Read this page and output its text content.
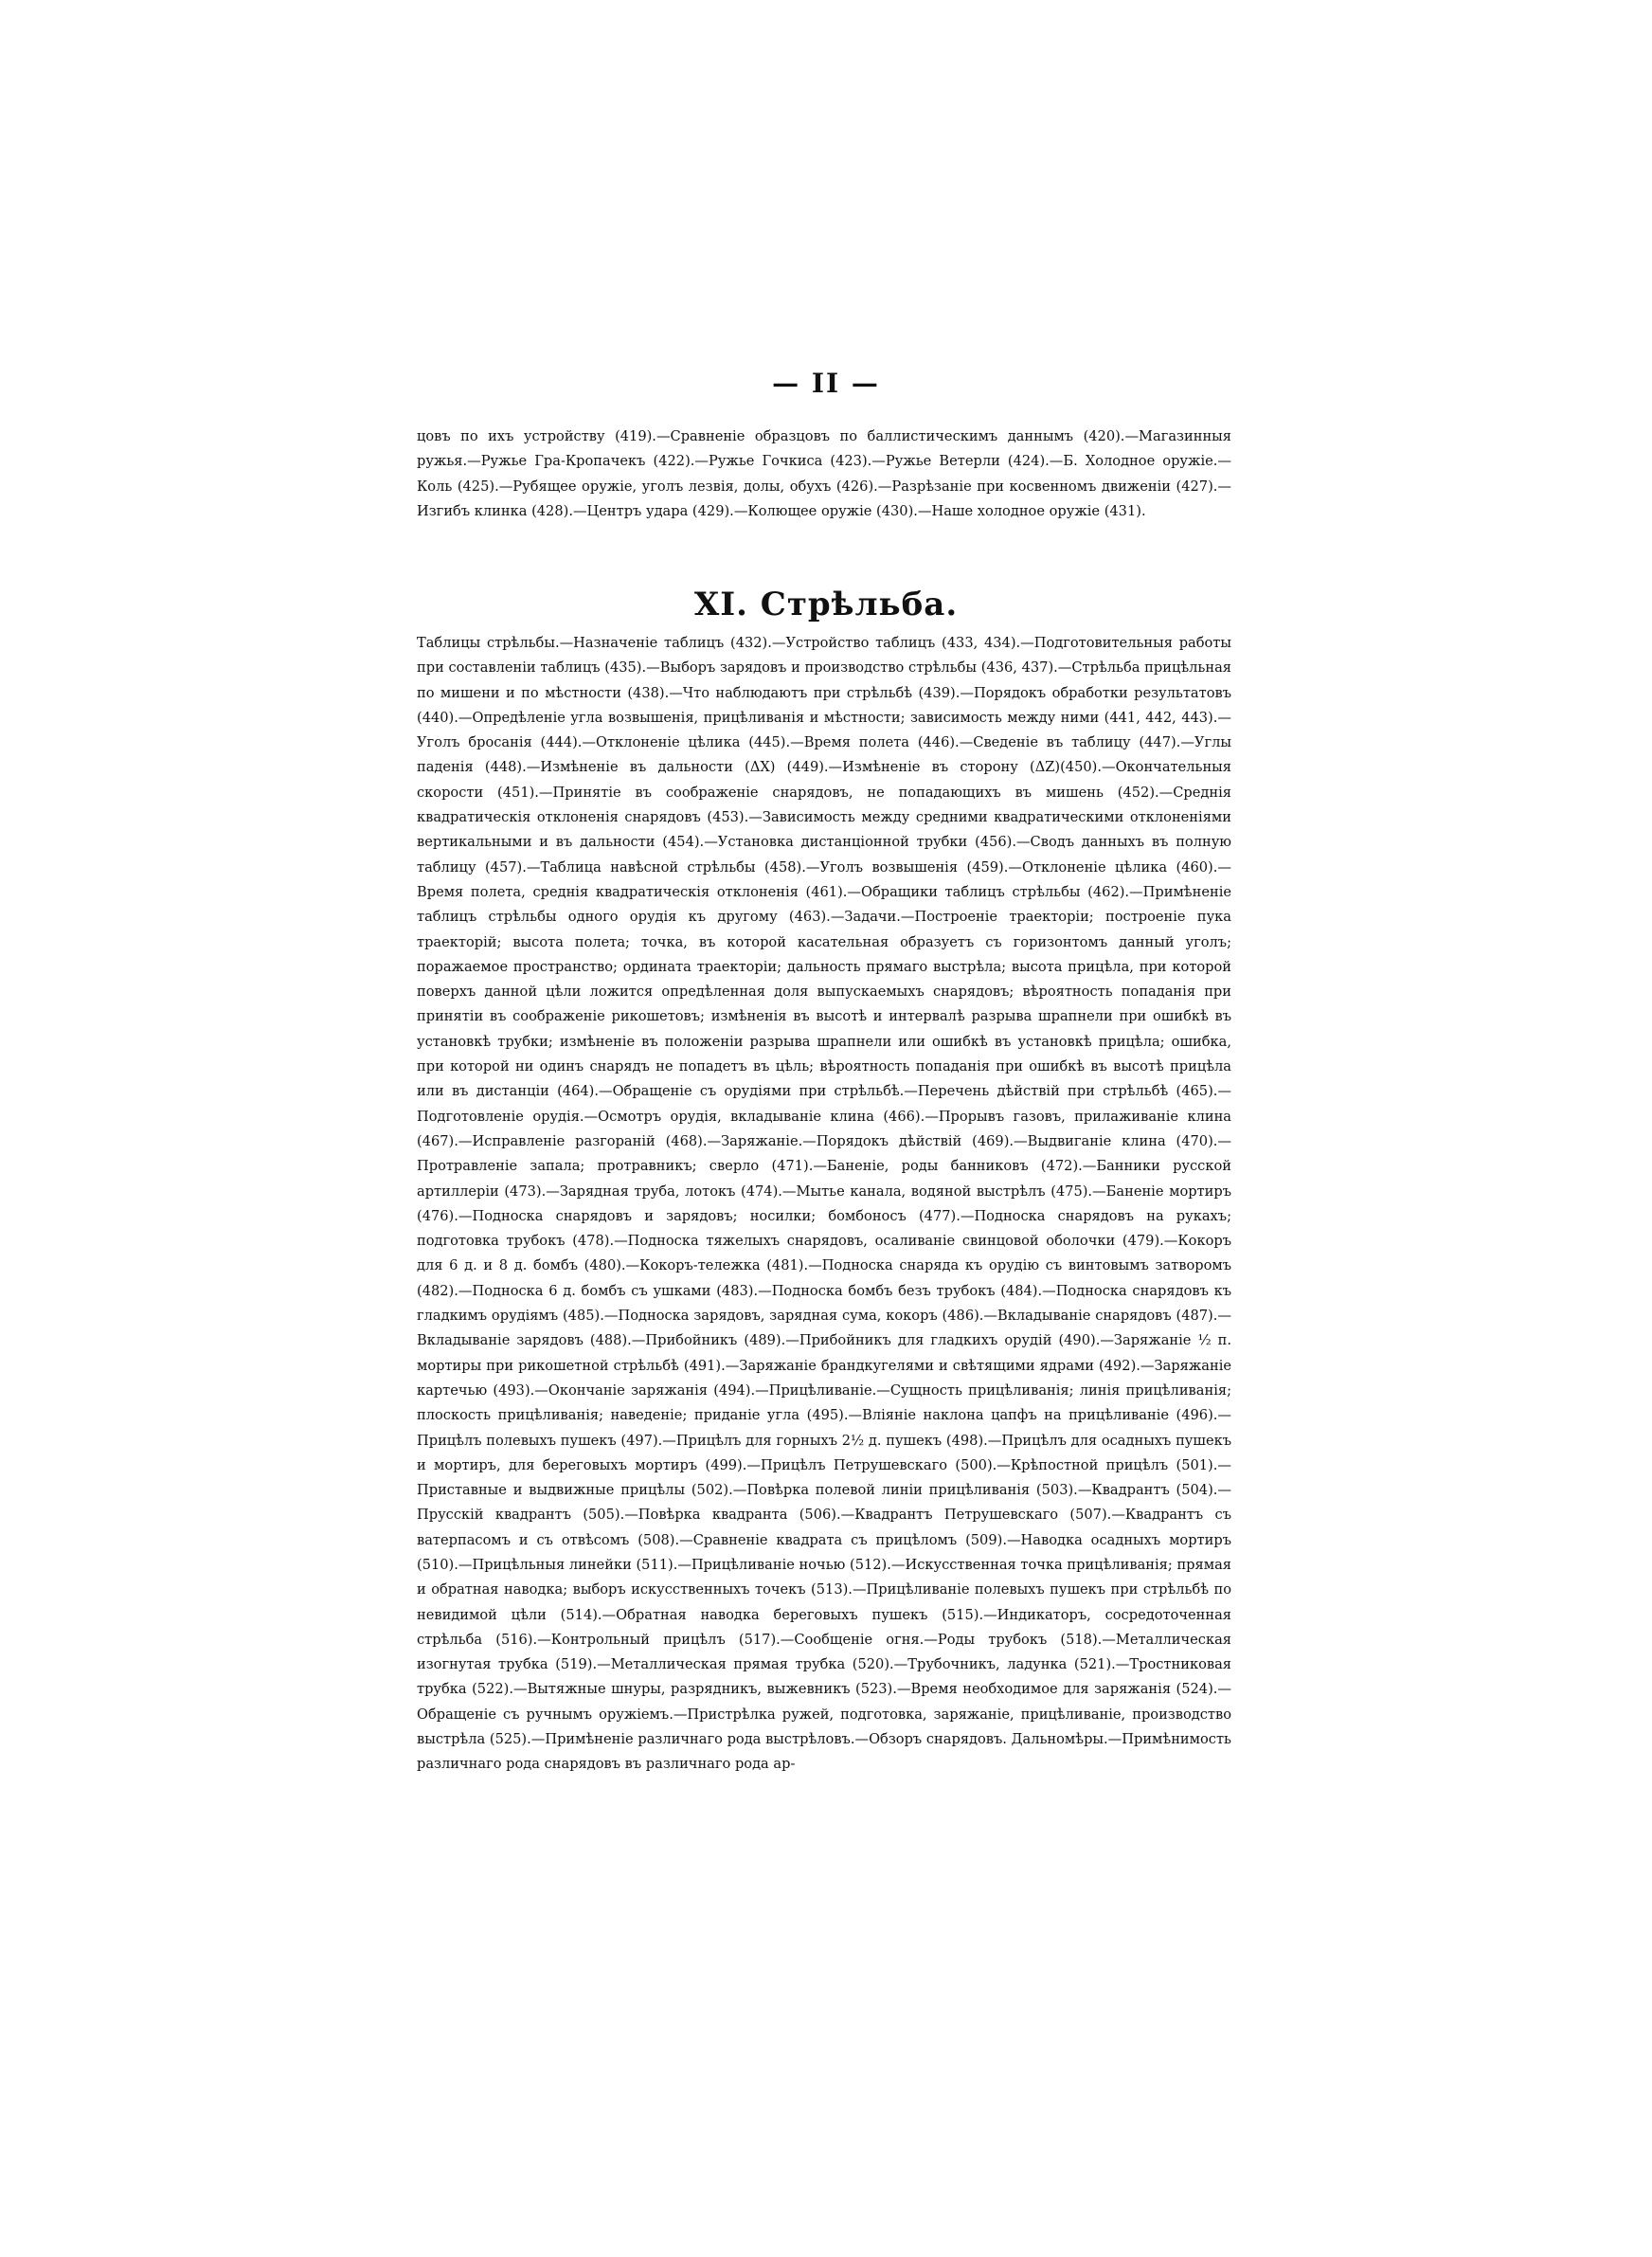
— II —

цовъ по ихъ устройству (419).—Сравненіе образцовъ по баллистическимъ даннымъ (420).—Магазинныя ружья.—Ружье Гра-Кропачекъ (422).—Ружье Гочкиса (423).—Ружье Ветерли (424).—Б. Холодное оружіе.—Коль (425).—Рубящее оружіе, уголъ лезвія, долы, обухъ (426).—Разрѣзаніе при косвенномъ движеніи (427).—Изгибъ клинка (428).—Центръ удара (429).—Колющее оружіе (430).—Наше холодное оружіе (431).

XI. Стрѣльба.

Таблицы стрѣльбы.—Назначеніе таблицъ (432).—Устройство таблицъ (433, 434).—Подготовительныя работы при составленіи таблицъ (435).—Выборъ зарядовъ и производство стрѣльбы (436, 437).—Стрѣльба прицѣльная по мишени и по мѣстности (438).—Что наблюдаютъ при стрѣльбѣ (439).—Порядокъ обработки результатовъ (440).—Опредѣленіе угла возвышенія, прицѣливанія и мѣстности; зависимость между ними (441, 442, 443).—Уголъ бросанія (444).—Отклоненіе цѣлика (445).—Время полета (446).—Сведеніе въ таблицу (447).—Углы паденія (448).—Измѣненіе въ дальности (ΔX) (449).—Измѣненіе въ сторону (ΔZ)(450).—Окончательныя скорости (451).—Принятіе въ соображеніе снарядовъ, не попадающихъ въ мишень (452).—Среднія квадратическія отклоненія снарядовъ (453).—Зависимость между средними квадратическими отклоненіями вертикальными и въ дальности (454).—Установка дистанціонной трубки (456).—Сводъ данныхъ въ полную таблицу (457).—Таблица навѣсной стрѣльбы (458).—Уголъ возвышенія (459).—Отклоненіе цѣлика (460).—Время полета, среднія квадратическія отклоненія (461).—Обращики таблицъ стрѣльбы (462).—Примѣненіе таблицъ стрѣльбы одного орудія къ другому (463).—Задачи.—Построеніе траекторіи; построеніе пука траекторій; высота полета; точка, въ которой касательная образуетъ съ горизонтомъ данный уголъ; поражаемое пространство; ордината траекторіи; дальность прямаго выстрѣла; высота прицѣла, при которой поверхъ данной цѣли ложится опредѣленная доля выпускаемыхъ снарядовъ; вѣроятность попаданія при принятіи въ соображеніе рикошетовъ; измѣненія въ высотѣ и интервалѣ разрыва шрапнели при ошибкѣ въ установкѣ трубки; измѣненіе въ положеніи разрыва шрапнели или ошибкѣ въ установкѣ прицѣла; ошибка, при которой ни одинъ снарядъ не попадетъ въ цѣль; вѣроятность попаданія при ошибкѣ въ высотѣ прицѣла или въ дистанціи (464).—Обращеніе съ орудіями при стрѣльбѣ.—Перечень дѣйствій при стрѣльбѣ (465).—Подготовленіе орудія.—Осмотръ орудія, вкладываніе клина (466).—Прорывъ газовъ, прилаживаніе клина (467).—Исправленіе разгораній (468).—Заряжаніе.—Порядокъ дѣйствій (469).—Выдвиганіе клина (470).—Протравленіе запала; протравникъ; сверло (471).—Баненіе, роды банниковъ (472).—Банники русской артиллеріи (473).—Зарядная труба, лотокъ (474).—Мытье канала, водяной выстрѣлъ (475).—Баненіе мортиръ (476).—Подноска снарядовъ и зарядовъ; носилки; бомбоносъ (477).—Подноска снарядовъ на рукахъ; подготовка трубокъ (478).—Подноска тяжелыхъ снарядовъ, осаливаніе свинцовой оболочки (479).—Кокоръ для 6 д. и 8 д. бомбъ (480).—Кокоръ-тележка (481).—Подноска снаряда къ орудію съ винтовымъ затворомъ (482).—Подноска 6 д. бомбъ съ ушками (483).—Подноска бомбъ безъ трубокъ (484).—Подноска снарядовъ къ гладкимъ орудіямъ (485).—Подноска зарядовъ, зарядная сума, кокоръ (486).—Вкладываніе снарядовъ (487).—Вкладываніе зарядовъ (488).—Прибойникъ (489).—Прибойникъ для гладкихъ орудій (490).—Заряжаніе ½ п. мортиры при рикошетной стрѣльбѣ (491).—Заряжаніе брандкугелями и свѣтящими ядрами (492).—Заряжаніе картечью (493).—Окончаніе заряжанія (494).—Прицѣливаніе.—Сущность прицѣливанія; линія прицѣливанія; плоскость прицѣливанія; наведеніе; приданіе угла (495).—Вліяніе наклона цапфъ на прицѣливаніе (496).—Прицѣлъ полевыхъ пушекъ (497).—Прицѣлъ для горныхъ 2½ д. пушекъ (498).—Прицѣлъ для осадныхъ пушекъ и мортиръ, для береговыхъ мортиръ (499).—Прицѣлъ Петрушевскаго (500).—Крѣпостной прицѣлъ (501).—Приставные и выдвижные прицѣлы (502).—Повѣрка полевой линіи прицѣливанія (503).—Квадрантъ (504).—Прусскій квадрантъ (505).—Повѣрка квадранта (506).—Квадрантъ Петрушевскаго (507).—Квадрантъ съ ватерпасомъ и съ отвѣсомъ (508).—Сравненіе квадрата съ прицѣломъ (509).—Наводка осадныхъ мортиръ (510).—Прицѣльныя линейки (511).—Прицѣливаніе ночью (512).—Искусственная точка прицѣливанія; прямая и обратная наводка; выборъ искусственныхъ точекъ (513).—Прицѣливаніе полевыхъ пушекъ при стрѣльбѣ по невидимой цѣли (514).—Обратная наводка береговыхъ пушекъ (515).—Индикаторъ, сосредоточенная стрѣльба (516).—Контрольный прицѣлъ (517).—Сообщеніе огня.—Роды трубокъ (518).—Металлическая изогнутая трубка (519).—Металлическая прямая трубка (520).—Трубочникъ, ладунка (521).—Тростниковая трубка (522).—Вытяжные шнуры, разрядникъ, выжевникъ (523).—Время необходимое для заряжанія (524).—Обращеніе съ ручнымъ оружіемъ.—Пристрѣлка ружей, подготовка, заряжаніе, прицѣливаніе, производство выстрѣла (525).—Примѣненіе различнаго рода выстрѣловъ.—Обзоръ снарядовъ. Дальномѣры.—Примѣнимость различнаго рода снарядовъ въ различнаго рода ар-
